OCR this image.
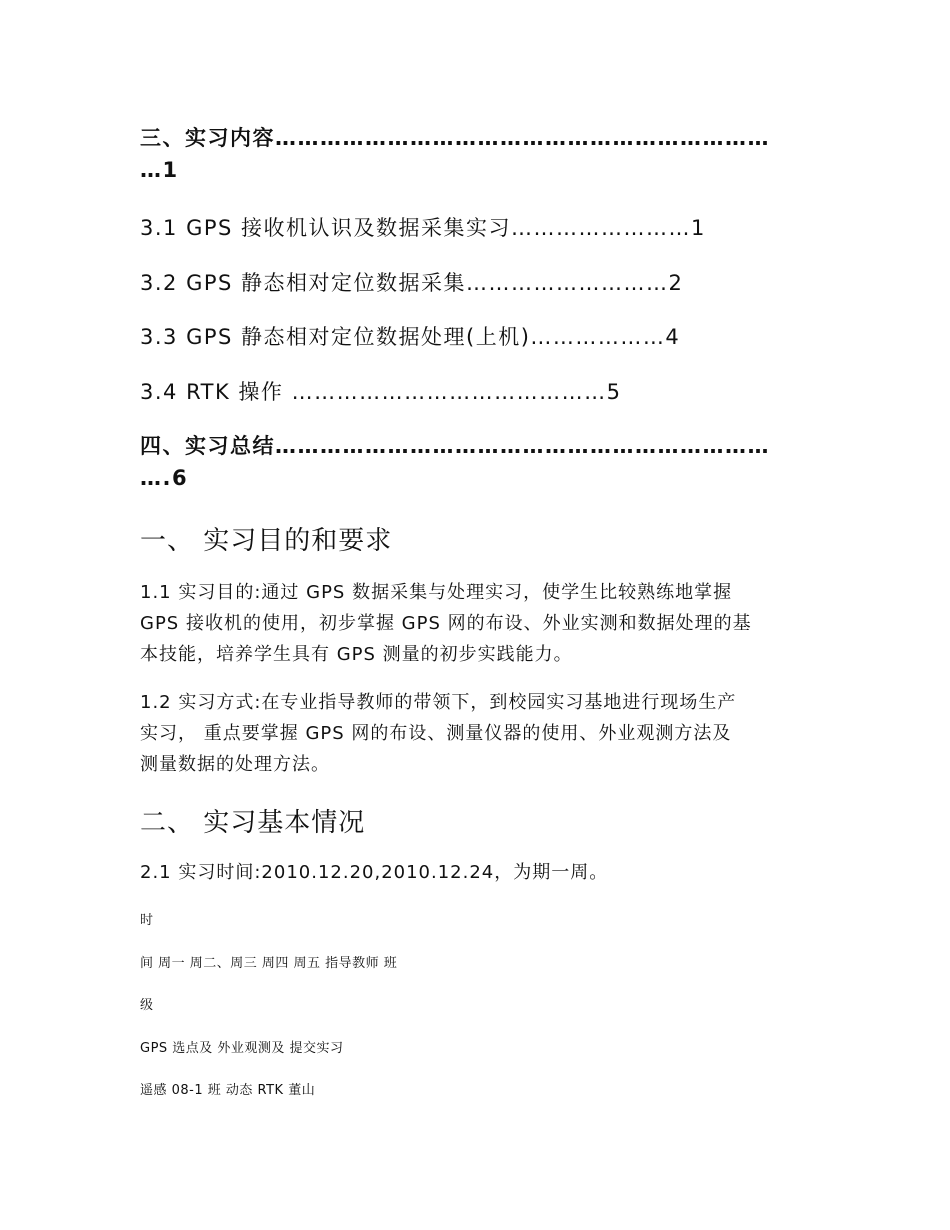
三、实习内容…………………………………………………………
…1
3.1 GPS 接收机认识及数据采集实习……………………1
3.2 GPS 静态相对定位数据采集………………………2
3.3 GPS 静态相对定位数据处理(上机)………………4
3.4 RTK 操作 ……………………………………5
四、实习总结…………………………………………………………
….6
一、 实习目的和要求
1.1 实习目的:通过 GPS 数据采集与处理实习，使学生比较熟练地掌握
GPS 接收机的使用，初步掌握 GPS 网的布设、外业实测和数据处理的基
本技能，培养学生具有 GPS 测量的初步实践能力。
1.2 实习方式:在专业指导教师的带领下，到校园实习基地进行现场生产
实习， 重点要掌握 GPS 网的布设、测量仪器的使用、外业观测方法及
测量数据的处理方法。
二、 实习基本情况
2.1 实习时间:2010.12.20,2010.12.24，为期一周。
时
间 周一 周二、周三 周四 周五 指导教师 班
级
GPS 选点及 外业观测及 提交实习
遥感 08-1 班 动态 RTK 董山
